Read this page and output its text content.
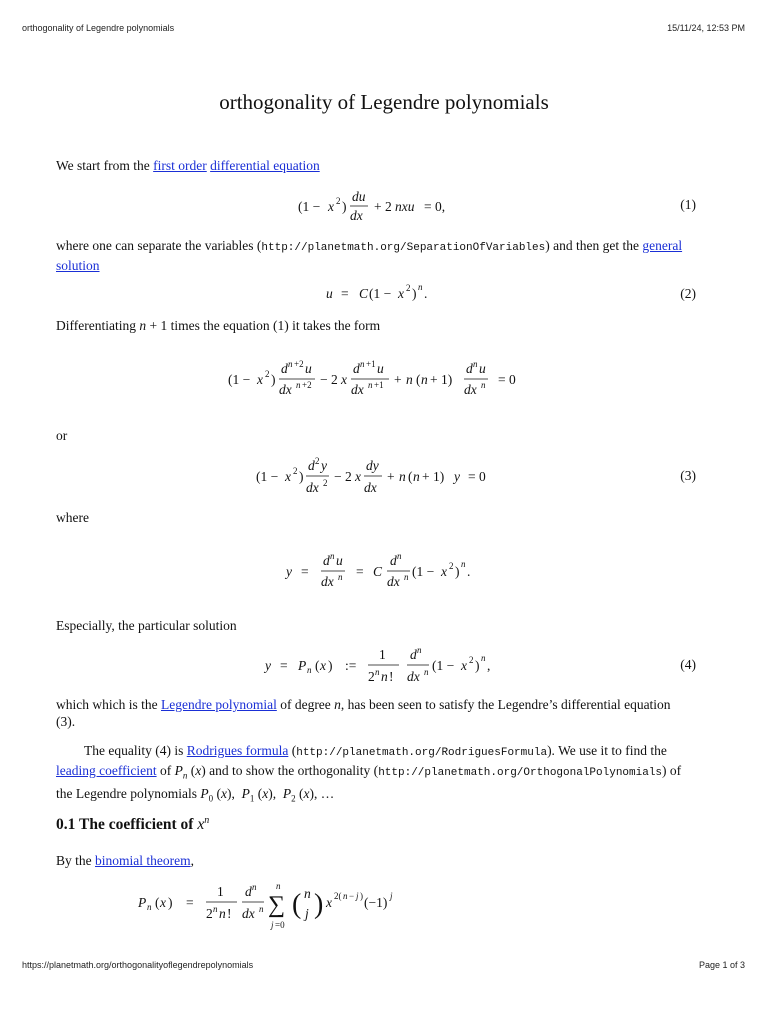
orthogonality of Legendre polynomials	15/11/24, 12:53 PM
orthogonality of Legendre polynomials
We start from the first order differential equation
(1 − x 2 )
du
dx
+ 2 nxu = 0,	(1)
where one can separate the variables (http://planetmath.org/SeparationOfVariables) and then get the general solution
u = C (1 − x 2 ) n .	(2)
Differentiating n + 1 times the equation (1) it takes the form
(1 − x 2 )
d n +2 u
dx n +2 − 2 x
d n +1 u
dx n +1 + n ( n + 1)
d n u
dx n = 0
or
(1 − x 2 )
d 2 y
dx 2 − 2 x
dy
dx
+ n ( n + 1) y = 0	(3)
where
y =
d n u
dx n = C
d n
dx n (1 − x 2 ) n .
Especially, the particular solution
y = P n ( x ) :=
1
2 n n !
d n
dx n (1 − x 2 ) n ,	(4)
which which is the Legendre polynomial of degree n, has been seen to satisfy the Legendre’s differential equation
(3).
The equality (4) is Rodrigues formula (http://planetmath.org/RodriguesFormula). We use it to find the
leading coefficient of $P_n$ (x) and to show the orthogonality (http://planetmath.org/OrthogonalPolynomials) of
the Legendre polynomials $P_0$ (x),  $P_1$ (x),  $P_2$ (x), …
0.1 The coefficient of $x^n$
By the binomial theorem,
P n ( x ) =
1
2 n n !
d n
dx n
n
∑
j =0
( n
j ) x 2( n − j ) (−1) j
https://planetmath.org/orthogonalityoflegendrepolynomials	Page 1 of 3
